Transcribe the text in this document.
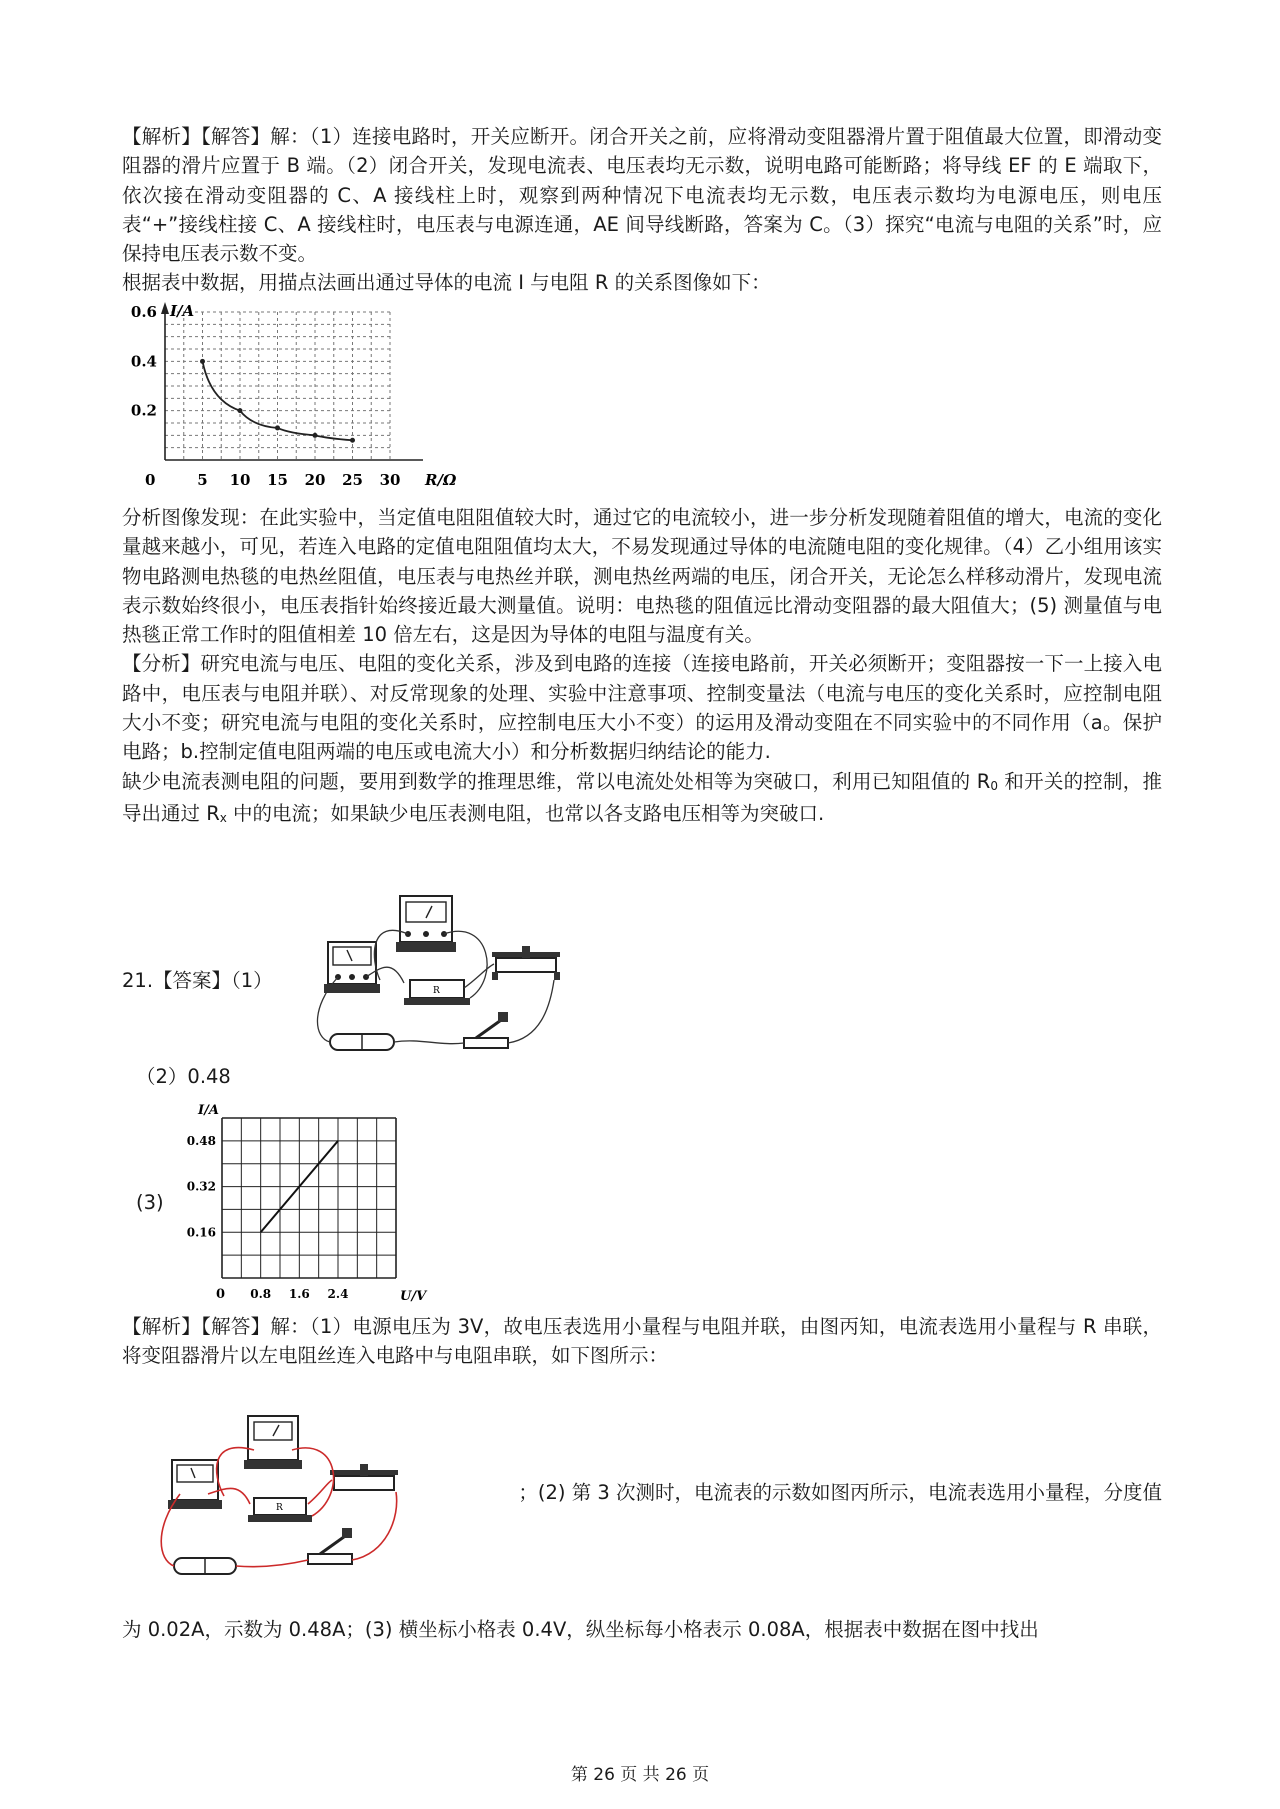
【解析】【解答】解：（1）连接电路时，开关应断开。闭合开关之前，应将滑动变阻器滑片置于阻值最大位置，即滑动变阻器的滑片应置于 B 端。（2）闭合开关，发现电流表、电压表均无示数，说明电路可能断路；将导线 EF 的 E 端取下，依次接在滑动变阻器的 C、A 接线柱上时，观察到两种情况下电流表均无示数，电压表示数均为电源电压，则电压表“+”接线柱接 C、A 接线柱时，电压表与电源连通，AE 间导线断路，答案为 C。（3）探究“电流与电阻的关系”时，应保持电压表示数不变。

根据表中数据，用描点法画出通过导体的电流 I 与电阻 R 的关系图像如下：

I/A
R/Ω
0	5 10 15 20 25 30
0.2
0.4
0.6

分析图像发现：在此实验中，当定值电阻阻值较大时，通过它的电流较小，进一步分析发现随着阻值的增大，电流的变化量越来越小，可见，若连入电路的定值电阻阻值均太大，不易发现通过导体的电流随电阻的变化规律。（4）乙小组用该实物电路测电热毯的电热丝阻值，电压表与电热丝并联，测电热丝两端的电压，闭合开关，无论怎么样移动滑片，发现电流表示数始终很小，电压表指针始终接近最大测量值。说明：电热毯的阻值远比滑动变阻器的最大阻值大；(5) 测量值与电热毯正常工作时的阻值相差 10 倍左右，这是因为导体的电阻与温度有关。

【分析】研究电流与电压、电阻的变化关系，涉及到电路的连接（连接电路前，开关必须断开；变阻器按一下一上接入电路中，电压表与电阻并联）、对反常现象的处理、实验中注意事项、控制变量法（电流与电压的变化关系时，应控制电阻大小不变；研究电流与电阻的变化关系时，应控制电压大小不变）的运用及滑动变阻在不同实验中的不同作用（a。保护电路；b.控制定值电阻两端的电压或电流大小）和分析数据归纳结论的能力.

缺少电流表测电阻的问题，要用到数学的推理思维，常以电流处处相等为突破口，利用已知阻值的 $R_0$ 和开关的控制，推导出通过 $R_x$ 中的电流；如果缺少电压表测电阻，也常以各支路电压相等为突破口.

21.【答案】（1）	R
（2）0.48
(3)
I/A
U/V
0 0.8 1.6 2.4
0.16
0.32
0.48

【解析】【解答】解：（1）电源电压为 3V，故电压表选用小量程与电阻并联，由图丙知，电流表选用小量程与 R 串联，将变阻器滑片以左电阻丝连入电路中与电阻串联，如下图所示：

R
；(2) 第 3 次测时，电流表的示数如图丙所示，电流表选用小量程，分度值

为 0.02A，示数为 0.48A；(3) 横坐标小格表 0.4V，纵坐标每小格表示 0.08A，根据表中数据在图中找出

第 26 页 共 26 页
